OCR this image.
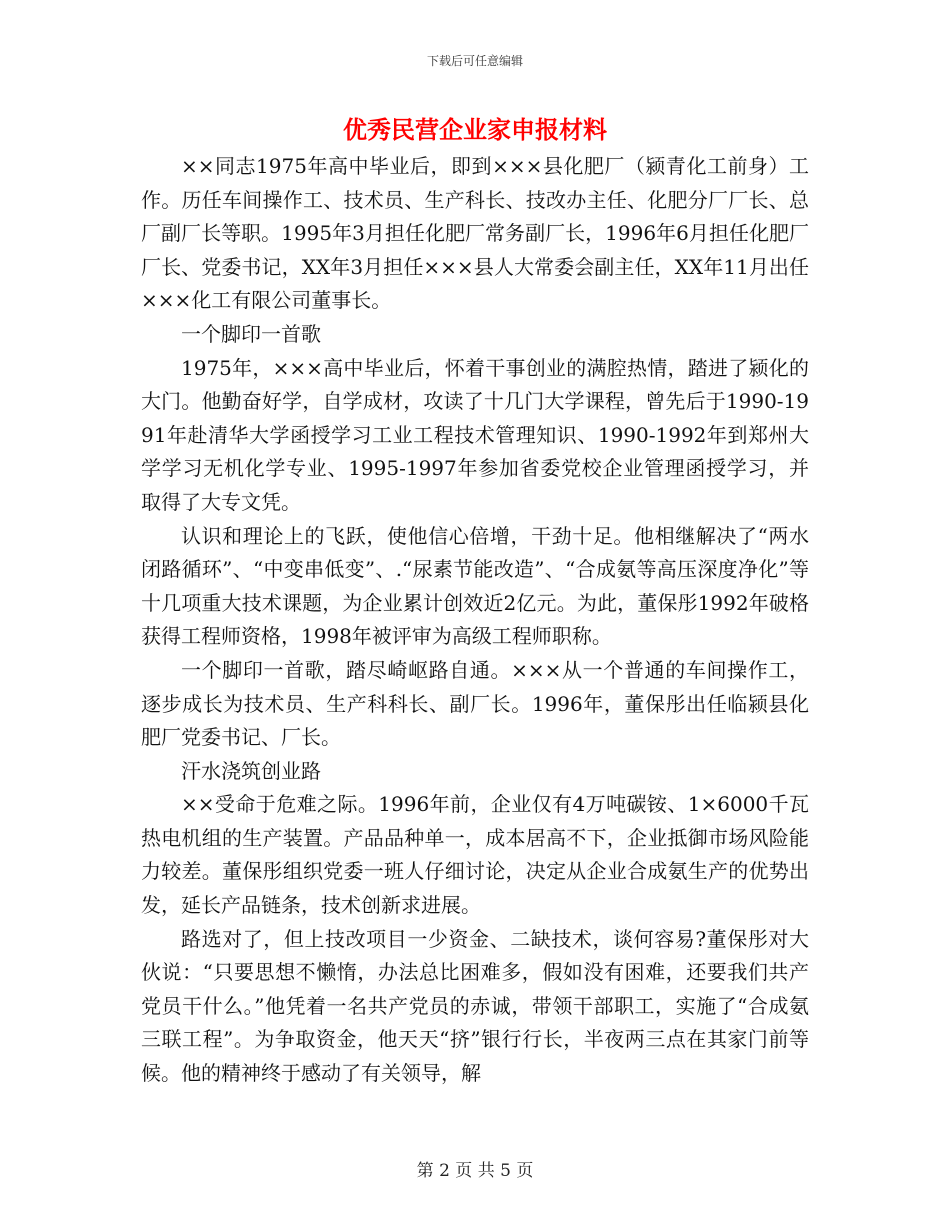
下载后可任意编辑
优秀民营企业家申报材料

××同志1975年高中毕业后，即到×××县化肥厂（颍青化工前身）工作。历任车间操作工、技术员、生产科长、技改办主任、化肥分厂厂长、总厂副厂长等职。1995年3月担任化肥厂常务副厂长，1996年6月担任化肥厂厂长、党委书记，XX年3月担任×××县人大常委会副主任，XX年11月出任×××化工有限公司董事长。

一个脚印一首歌

1975年，×××高中毕业后，怀着干事创业的满腔热情，踏进了颍化的大门。他勤奋好学，自学成材，攻读了十几门大学课程，曾先后于1990-1991年赴清华大学函授学习工业工程技术管理知识、1990-1992年到郑州大学学习无机化学专业、1995-1997年参加省委党校企业管理函授学习，并取得了大专文凭。

认识和理论上的飞跃，使他信心倍增，干劲十足。他相继解决了“两水闭路循环”、“中变串低变”、.“尿素节能改造”、“合成氨等高压深度净化”等十几项重大技术课题，为企业累计创效近2亿元。为此，董保彤1992年破格获得工程师资格，1998年被评审为高级工程师职称。

一个脚印一首歌，踏尽崎岖路自通。×××从一个普通的车间操作工，逐步成长为技术员、生产科科长、副厂长。1996年，董保彤出任临颍县化肥厂党委书记、厂长。

汗水浇筑创业路

××受命于危难之际。1996年前，企业仅有4万吨碳铵、1×6000千瓦热电机组的生产装置。产品品种单一，成本居高不下，企业抵御市场风险能力较差。董保彤组织党委一班人仔细讨论，决定从企业合成氨生产的优势出发，延长产品链条，技术创新求进展。

路选对了，但上技改项目一少资金、二缺技术，谈何容易?董保彤对大伙说：“只要思想不懒惰，办法总比困难多，假如没有困难，还要我们共产党员干什么。”他凭着一名共产党员的赤诚，带领干部职工，实施了“合成氨三联工程”。为争取资金，他天天“挤”银行行长，半夜两三点在其家门前等候。他的精神终于感动了有关领导，解

第 2 页 共 5 页
